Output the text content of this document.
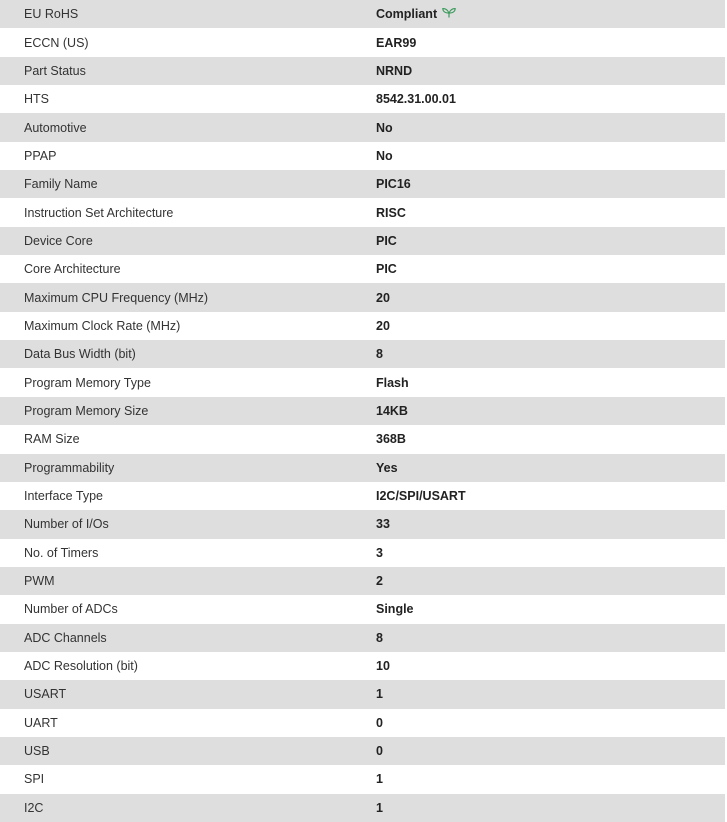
EU RoHS	Compliant
ECCN (US)	EAR99
Part Status	NRND
HTS	8542.31.00.01
Automotive	No
PPAP	No
Family Name	PIC16
Instruction Set Architecture	RISC
Device Core	PIC
Core Architecture	PIC
Maximum CPU Frequency (MHz)	20
Maximum Clock Rate (MHz)	20
Data Bus Width (bit)	8
Program Memory Type	Flash
Program Memory Size	14KB
RAM Size	368B
Programmability	Yes
Interface Type	I2C/SPI/USART
Number of I/Os	33
No. of Timers	3
PWM	2
Number of ADCs	Single
ADC Channels	8
ADC Resolution (bit)	10
USART	1
UART	0
USB	0
SPI	1
I2C	1
